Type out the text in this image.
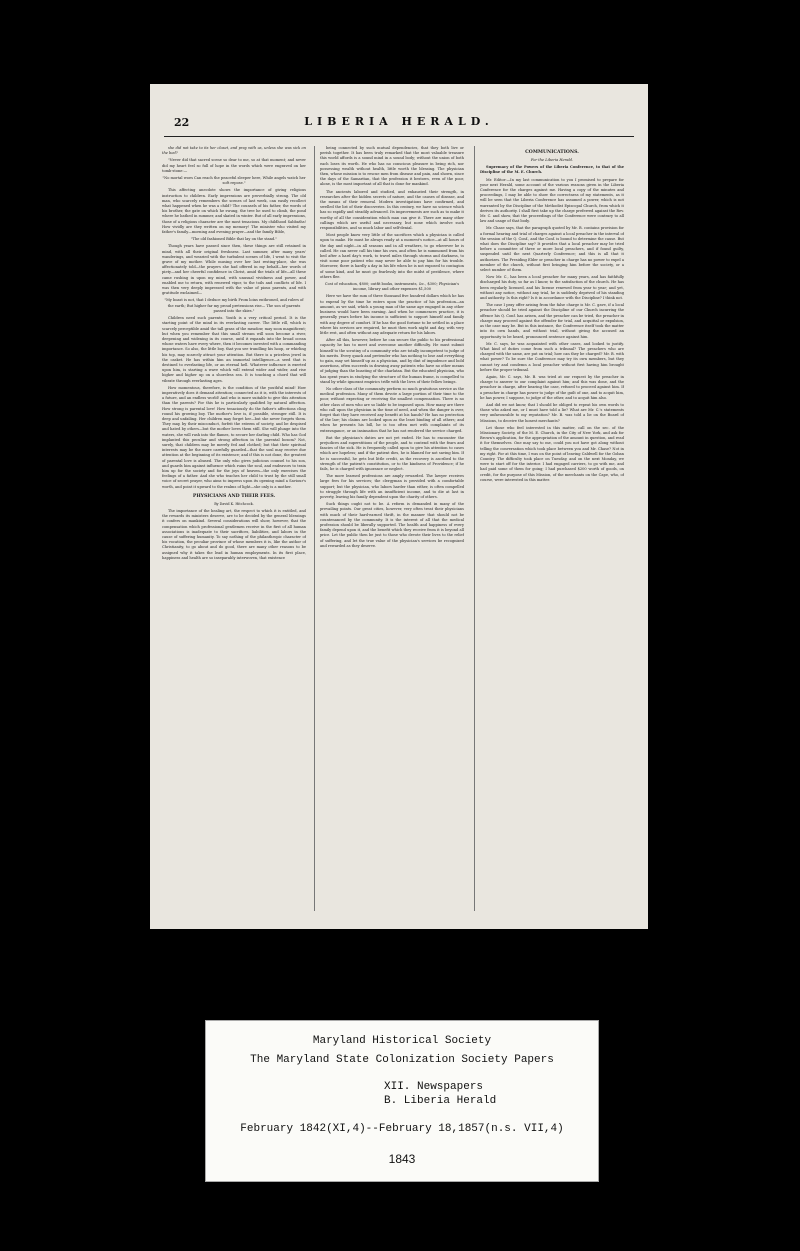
22	LIBERIA HERALD.

she did not take to its her closet, and pray with us, unless she was sick on the bed?

"Never did that sacred scene so dear to me, so at that moment; and never did my heart feel so full of hope in the words which were engraved on her tomb-stone:—

"No mortal woes Can reach the peaceful sleeper here, While angels watch her soft repose."

This affecting anecdote shows the importance of giving religious instruction to children. Early impressions are proverbially strong. The old man, who scarcely remembers the scenes of last week, can easily recollect what happened when he was a child? The counsels of his father, the words of his brother, the gate on which he swung, the tree he used to climb, the pond where he bathed in summer, and skated in winter. But of all early impressions, those of a religious character are the most tenacious. My childhood Sabbaths! How vividly are they written on my memory! The minister who visited my father's family—morning and evening prayer—and the family Bible,

"The old fashioned Bible that lay on the stand."

Though years have passed since then, these things are still retained in mind, with all their original freshness. Last summer, after many years' wanderings, and wearied with the turbulent scenes of life, I went to visit the grave of my mother. While musing over her last resting-place, she was affectionately told—the prayers she had offered in my behalf—her words of piety—and her cheerful confidence in Christ, amid the trials of life—all these came rushing in upon my mind, with unusual vividness and power, and enabled me to return, with renewed vigor, to the toils and conflicts of life. I was then very deeply impressed with the value of pious parents, and with gratitude exclaimed—

"My boast is not, that I deduce my birth From loins enthroned, and rulers of the earth; But higher far my proud pretensions rise— The son of parents passed into the skies."

Children need such parents. Youth is a very critical period. It is the starting point of the mind in its everlasting career. The little rill, which is scarcely perceptible amid the tall grass of the meadow, may soon magnificent; but when you remember that this small stream will soon become a river, deepening and widening in its course, until it expands into the broad ocean whose waters have every where, then it becomes invested with a commanding importance. So also, the little boy, that you see trundling his hoop, or whirling his top, may scarcely attract your attention. But there is a priceless jewel in the casket. He has within him an immortal intelligence—a seed that is destined to everlasting life, or an eternal hell. Whatever influence is exerted upon him, is starting a wave which will extend wider and wider, and rise higher and higher up on a shoreless sea. It is touching a chord that will vibrate through everlasting ages.

How momentous, therefore, is the condition of the youthful mind! How imperatively does it demand attention; connected as it is, with the interests of a future, and an endless world! And who is more suitable to give this attention than the parents? For this he is particularly qualified by natural affection. How strong is parental love! How tenaciously do the father's affections cling round his growing boy. The mother's love is, if possible, stronger still. It is deep and unfailing. Her children may forget her—but she never forgets them. They may, by their misconduct, forfeit the esteem of society, and be despised and hated by others—but the mother loves them still. She will plunge into the waters, she will rush into the flames, to secure her darling child. Who has God implanted this peculiar and strong affection in the parental bosom? Not, surely, that children may be merely fed and clothed; but that their spiritual interests may be the more carefully guarded—that the soul may receive due attention at the beginning of its existence; and if this is not done, the greatest of parental love is abused. The only who gives judicious counsel to his son, and guards him against influence which ruins the soul, and endeavors to train him up for the society and for the joys of heaven—the only exercises the feelings of a father. And she who teaches her child to trust by the still small voice of secret prayer, who aims to impress upon its opening mind a Saviour's worth, and point it upward to the realms of light—she only is a mother.

PHYSICIANS AND THEIR FEES.

By David K. Hitchcock.

The importance of the healing art, the respect to which it is entitled, and the rewards its ministers deserve, are to be decided by the general blessings it confers on mankind. Several considerations will show, however, that the compensation which professional gentlemen receive in the first of all human associations is inadequate to their sacrifices, liabilities, and labors in the cause of suffering humanity. To say nothing of the philanthropic character of his vocation, the peculiar province of whose members it is, like the author of Christianity, to go about and do good, there are many other reasons to be assigned why it takes the lead in human employments. In its first place, happiness and health are so inseparably interwoven, that existence

being connected by such mutual dependencies, that they both live or perish together. It has been truly remarked that the most valuable treasure this world affords is a sound mind in a sound body; without the union of both each loses its worth. He who has no conscious pleasure in being rich, nor possessing wealth without health, little worth the blessing. The physician then, whose mission is to rescue men from disease and pain, and shown, since the days of the Samaritan, that the profession it bestows, even of the poor, alone, is the most important of all that is done for mankind.

The ancients labored and studied, and exhausted their strength, in researches after the hidden secrets of nature, and the causes of disease, and the means of their removal. Modern investigations have confirmed, and swelled the list of their discoveries. In this century, we have no science which has so rapidly and steadily advanced. Its improvements are such as to make it worthy of all the consideration which man can give it. There are many other callings which are useful and necessary, but none which involve such responsibilities, and so much labor and self-denial.

Most people know very little of the sacrifices which a physician is called upon to make. He must be always ready at a moment's notice—at all hours of the day and night—in all seasons and in all weathers, to go wherever he is called. He can never call his time his own, and often he is summoned from his bed after a hard day's work, to travel miles through storms and darkness, to visit some poor patient who may never be able to pay him for his trouble. Moreover, there is hardly a day in his life when he is not exposed to contagion of some kind, and he must go fearlessly into the midst of pestilence, where others flee.

Cost of education, $800; outfit books, instruments, &c., $300; Physician's income, library and other expenses $1,500

Here we have the sum of three thousand five hundred dollars which he has to expend by the time he enters upon the practice of his profession—an amount, as we said, which a young man of the same age engaged in any other business would have been earning. And when he commences practice, it is generally years before his income is sufficient to support himself and family with any degree of comfort. If he has the good fortune to be settled in a place where his services are required, he must then work night and day, with very little rest, and often without any adequate return for his labors.

After all this, however, before he can secure the public to his professional capacity he has to meet and overcome another difficulty. He must submit himself to the scrutiny of a community who are totally incompetent to judge of his merits. Every quack and pretender who has nothing to lose and everything to gain, may set himself up as a physician, and by dint of impudence and bold assertions, often succeeds in drawing away patients who have no other means of judging than the boasting of the charlatan. But the educated physician, who has spent years in studying the structure of the human frame, is compelled to stand by while ignorant empirics trifle with the lives of their fellow beings.

No other class of the community perform so much gratuitous service as the medical profession. Many of them devote a large portion of their time to the poor, without expecting or receiving the smallest compensation. There is no other class of men who are so liable to be imposed upon. How many are there who call upon the physician in the time of need, and when the danger is over, forget that they have received any benefit at his hands? He has no protection of the law; his claims are looked upon as the least binding of all others; and when he presents his bill, he is too often met with complaints of its extravagance, or an insinuation that he has not rendered the service charged.

But the physician's duties are not yet ended. He has to encounter the prejudices and superstitions of the people, and to contend with the fears and fancies of the sick. He is frequently called upon to give his attention to cases which are hopeless; and if the patient dies, he is blamed for not saving him. If he is successful, he gets but little credit, as the recovery is ascribed to the strength of the patient's constitution, or to the kindness of Providence; if he fails, he is charged with ignorance or neglect.

The more learned professions are amply rewarded. The lawyer receives large fees for his services; the clergyman is provided with a comfortable support; but the physician, who labors harder than either, is often compelled to struggle through life with an insufficient income, and to die at last in poverty, leaving his family dependent upon the charity of others.

Such things ought not to be. A reform is demanded in many of the prevailing points. Our great cities, however, very often treat their physicians with much of their hard-earned thrift, in the manner that should not be countenanced by the community. It is the interest of all that the medical profession should be liberally supported. The health and happiness of every family depend upon it, and the benefit which they receive from it is beyond all price. Let the public then be just to those who devote their lives to the relief of suffering, and let the true value of the physician's services be recognized and rewarded as they deserve.

COMMUNICATIONS.

For the Liberia Herald.

Supremacy of the Powers of the Liberia Conference, to that of the Discipline of the M. E. Church.

Mr. Editor:—In my last communication to you I promised to prepare for your next Herald, some account of the various reasons given in the Liberia Conference for the charges against me. Having a copy of the minutes and proceedings, I may be able to show the correctness of my statements, as it will be seen that the Liberia Conference has assumed a power, which is not warranted by the Discipline of the Methodist Episcopal Church, from which it derives its authority. I shall first take up the charge preferred against the Rev. Mr. C. and show, that the proceedings of the Conference were contrary to all law and usage of that body.

Mr. Chase says, that the paragraph quoted by Mr. B. contains provision for a formal hearing and trial of charges against a local preacher in the interval of the session of the Q. Conf., and the Conf. is bound to determine the cause. But what does the Discipline say? It provides that a local preacher may be tried before a committee of three or more local preachers, and if found guilty, suspended until the next Quarterly Conference; and this is all that it authorizes. The Presiding Elder or preacher in charge has no power to expel a member of the church, without first bringing him before the society, or a select number of them.

Now Mr. C., has been a local preacher for many years, and has faithfully discharged his duty, so far as I know, to the satisfaction of the church. He has been regularly licensed, and his license renewed from year to year; and yet, without any notice, without any trial, he is suddenly deprived of his standing and authority. Is this right? Is it in accordance with the Discipline? I think not.

The case I pray offer arising from the false charge is Mr. C. gave, if a local preacher should be tried against the Discipline of our Church incurring the offence his Q. Conf. has arisen, and the preacher can be tried, the preacher in charge may proceed against the offender for trial, and acquittal or expulsion, as the case may be. But in this instance, the Conference itself took the matter into its own hands, and without trial, without giving the accused an opportunity to be heard, pronounced sentence against him.

Mr. C. says, he was acquainted with other cases, and looked to justify. What kind of duties come from such a tribunal? The preachers who are charged with the same, are put on trial; how can they be charged? Mr. B. with what power? To be sure the Conference may try its own members, but they cannot try and condemn a local preacher without first having him brought before the proper tribunal.

Again, Mr. C. says, Mr. B. was tried at our request by the preacher in charge to answer to our complaint against him; and this was done, and the preacher in charge, after hearing the case, refused to proceed against him. If a preacher in charge has power to judge of the guilt of one, and to acquit him, he has power, I suppose, to judge of the other, and to acquit him also.

And did we not know, that I should be obliged to repeat his own words to those who asked me, or I must have told a lie? What are Mr. C.'s statements very unfavourable to my reputation? Mr. B. was told a lie on the Board of Missions, to deceive the honest merchants?

Let those who feel interested in this matter, call on the sec. of the Missionary Society, of the M. E. Church, in the City of New York, and ask for Brown's application, for the appropriation of the amount in question, and read it for themselves. One may say to me, could you not have got along without telling the conversation which took place between you and Mr. Chase? Not in my right. For at this time, I was on the point of leaving Caldwell for the Goban Country. The difficulty took place on Tuesday, and on the next Monday, we were to start off for the interior. I had engaged carriers, to go with me, and had paid some of them for going; I had purchased $200 worth of goods, on credit, for the purpose of this Mission, of the merchants on the Cape, who, of course, were interested in this matter.

Maryland Historical Society
The Maryland State Colonization Society Papers
XII. Newspapers
B. Liberia Herald
February 1842(XI,4)--February 18,1857(n.s. VII,4)
1843
